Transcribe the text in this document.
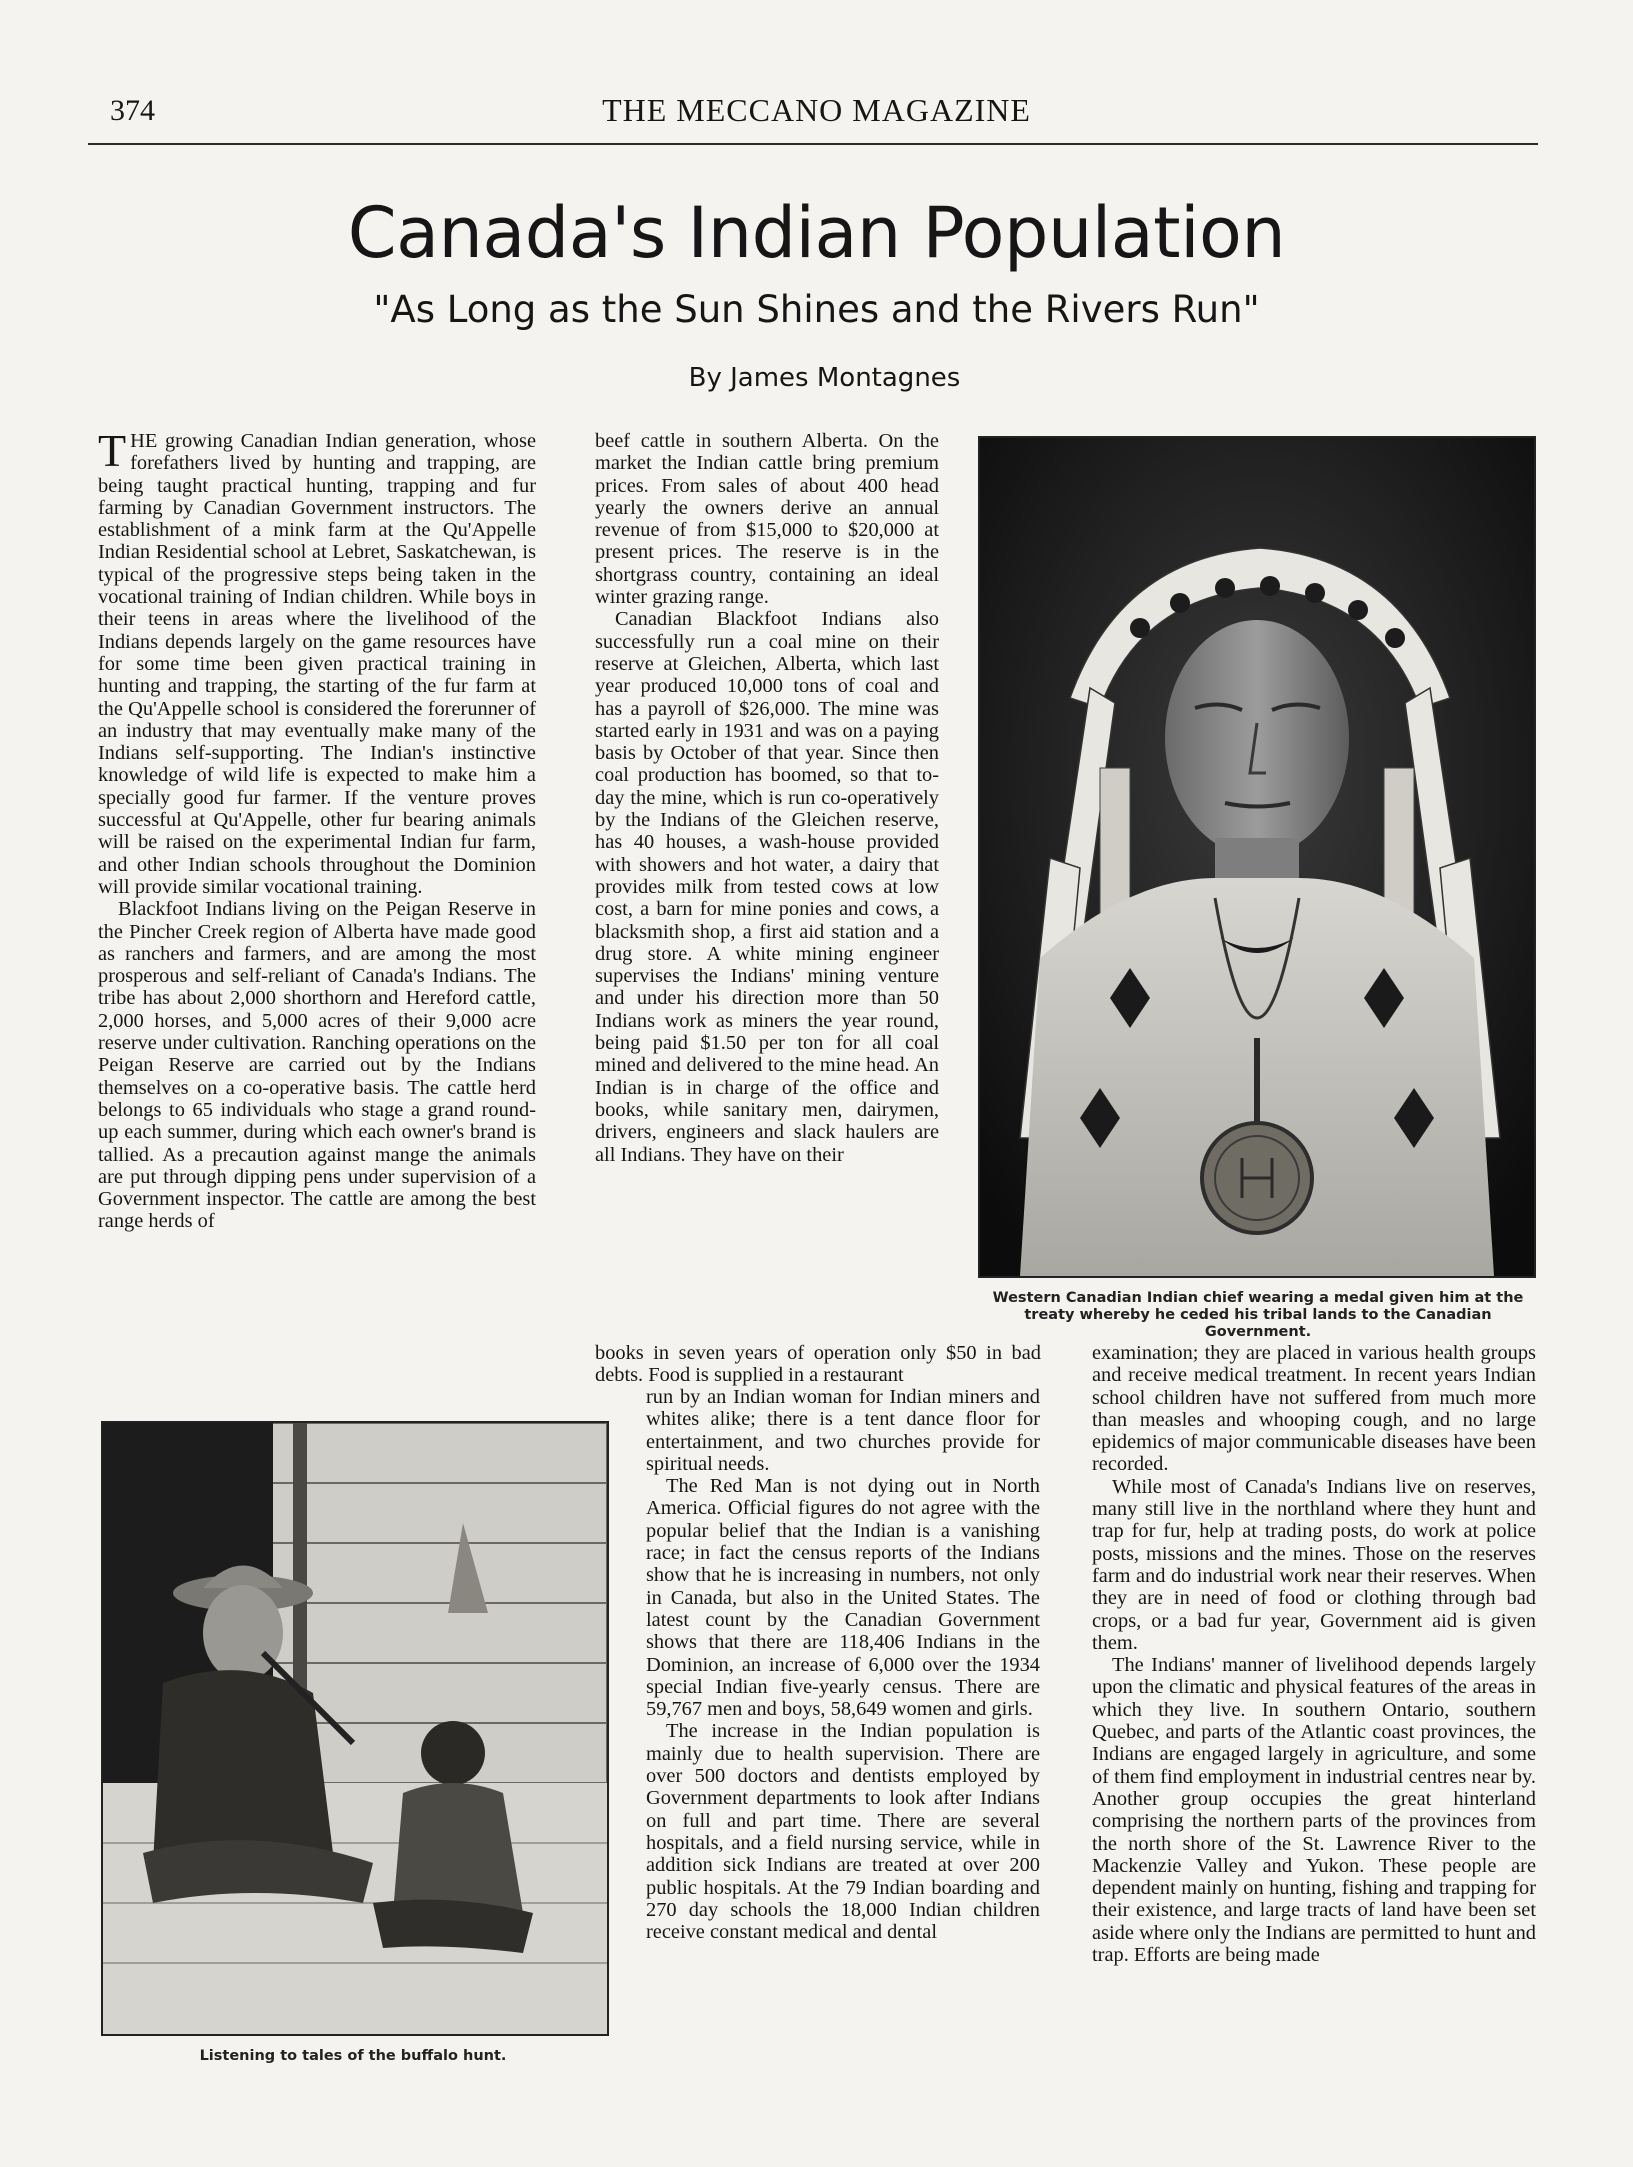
374	THE MECCANO MAGAZINE
Canada's Indian Population
"As Long as the Sun Shines and the Rivers Run"
By James Montagnes

THE growing Canadian Indian generation, whose forefathers lived by hunting and trapping, are being taught practical hunting, trapping and fur farming by Canadian Government instructors. The establishment of a mink farm at the Qu'Appelle Indian Residential school at Lebret, Saskatchewan, is typical of the progressive steps being taken in the vocational training of Indian children. While boys in their teens in areas where the livelihood of the Indians depends largely on the game resources have for some time been given practical training in hunting and trapping, the starting of the fur farm at the Qu'Appelle school is considered the forerunner of an industry that may eventually make many of the Indians self-supporting. The Indian's instinctive knowledge of wild life is expected to make him a specially good fur farmer. If the venture proves successful at Qu'Appelle, other fur bearing animals will be raised on the experimental Indian fur farm, and other Indian schools throughout the Dominion will provide similar vocational training.

Blackfoot Indians living on the Peigan Reserve in the Pincher Creek region of Alberta have made good as ranchers and farmers, and are among the most prosperous and self-reliant of Canada's Indians. The tribe has about 2,000 shorthorn and Hereford cattle, 2,000 horses, and 5,000 acres of their 9,000 acre reserve under cultivation. Ranching operations on the Peigan Reserve are carried out by the Indians themselves on a co-operative basis. The cattle herd belongs to 65 individuals who stage a grand round-up each summer, during which each owner's brand is tallied. As a precaution against mange the animals are put through dipping pens under supervision of a Government inspector. The cattle are among the best range herds of

beef cattle in southern Alberta. On the market the Indian cattle bring premium prices. From sales of about 400 head yearly the owners derive an annual revenue of from $15,000 to $20,000 at present prices. The reserve is in the shortgrass country, containing an ideal winter grazing range.

Canadian Blackfoot Indians also successfully run a coal mine on their reserve at Gleichen, Alberta, which last year produced 10,000 tons of coal and has a payroll of $26,000. The mine was started early in 1931 and was on a paying basis by October of that year. Since then coal production has boomed, so that to-day the mine, which is run co-operatively by the Indians of the Gleichen reserve, has 40 houses, a wash-house provided with showers and hot water, a dairy that provides milk from tested cows at low cost, a barn for mine ponies and cows, a blacksmith shop, a first aid station and a drug store. A white mining engineer supervises the Indians' mining venture and under his direction more than 50 Indians work as miners the year round, being paid $1.50 per ton for all coal mined and delivered to the mine head. An Indian is in charge of the office and books, while sanitary men, dairymen, drivers, engineers and slack haulers are all Indians. They have on their

books in seven years of operation only $50 in bad debts. Food is supplied in a restaurant

run by an Indian woman for Indian miners and whites alike; there is a tent dance floor for entertainment, and two churches provide for spiritual needs.

The Red Man is not dying out in North America. Official figures do not agree with the popular belief that the Indian is a vanishing race; in fact the census reports of the Indians show that he is increasing in numbers, not only in Canada, but also in the United States. The latest count by the Canadian Government shows that there are 118,406 Indians in the Dominion, an increase of 6,000 over the 1934 special Indian five-yearly census. There are 59,767 men and boys, 58,649 women and girls.

The increase in the Indian population is mainly due to health supervision. There are over 500 doctors and dentists employed by Government departments to look after Indians on full and part time. There are several hospitals, and a field nursing service, while in addition sick Indians are treated at over 200 public hospitals. At the 79 Indian boarding and 270 day schools the 18,000 Indian children receive constant medical and dental

examination; they are placed in various health groups and receive medical treatment. In recent years Indian school children have not suffered from much more than measles and whooping cough, and no large epidemics of major communicable diseases have been recorded.

While most of Canada's Indians live on reserves, many still live in the northland where they hunt and trap for fur, help at trading posts, do work at police posts, missions and the mines. Those on the reserves farm and do industrial work near their reserves. When they are in need of food or clothing through bad crops, or a bad fur year, Government aid is given them.

The Indians' manner of livelihood depends largely upon the climatic and physical features of the areas in which they live. In southern Ontario, southern Quebec, and parts of the Atlantic coast provinces, the Indians are engaged largely in agriculture, and some of them find employment in industrial centres near by. Another group occupies the great hinterland comprising the northern parts of the provinces from the north shore of the St. Lawrence River to the Mackenzie Valley and Yukon. These people are dependent mainly on hunting, fishing and trapping for their existence, and large tracts of land have been set aside where only the Indians are permitted to hunt and trap. Efforts are being made

Western Canadian Indian chief wearing a medal given him at the treaty whereby he ceded his tribal lands to the Canadian Government.
Listening to tales of the buffalo hunt.
